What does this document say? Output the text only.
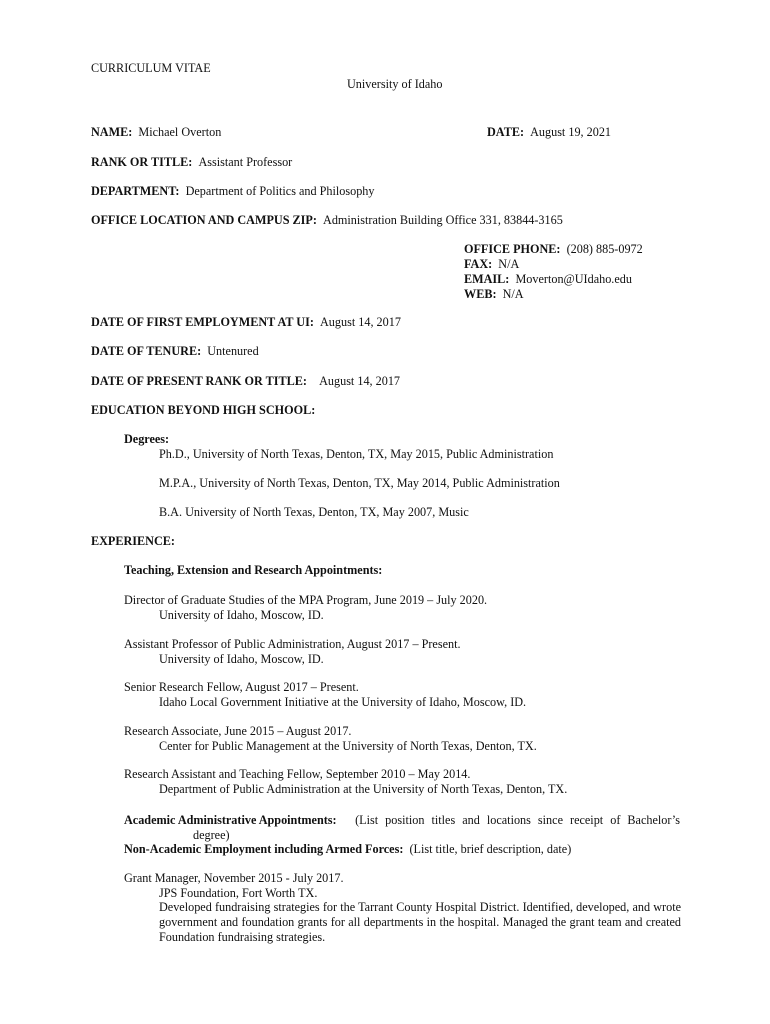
CURRICULUM VITAE
University of Idaho
NAME: Michael Overton	DATE: August 19, 2021
RANK OR TITLE: Assistant Professor
DEPARTMENT: Department of Politics and Philosophy
OFFICE LOCATION AND CAMPUS ZIP: Administration Building Office 331, 83844-3165
OFFICE PHONE: (208) 885-0972
FAX: N/A
EMAIL: Moverton@UIdaho.edu
WEB: N/A
DATE OF FIRST EMPLOYMENT AT UI: August 14, 2017
DATE OF TENURE: Untenured
DATE OF PRESENT RANK OR TITLE: August 14, 2017
EDUCATION BEYOND HIGH SCHOOL:
Degrees:
Ph.D., University of North Texas, Denton, TX, May 2015, Public Administration
M.P.A., University of North Texas, Denton, TX, May 2014, Public Administration
B.A. University of North Texas, Denton, TX, May 2007, Music
EXPERIENCE:
Teaching, Extension and Research Appointments:
Director of Graduate Studies of the MPA Program, June 2019 – July 2020.
University of Idaho, Moscow, ID.
Assistant Professor of Public Administration, August 2017 – Present.
University of Idaho, Moscow, ID.
Senior Research Fellow, August 2017 – Present.
Idaho Local Government Initiative at the University of Idaho, Moscow, ID.
Research Associate, June 2015 – August 2017.
Center for Public Management at the University of North Texas, Denton, TX.
Research Assistant and Teaching Fellow, September 2010 – May 2014.
Department of Public Administration at the University of North Texas, Denton, TX.
Academic Administrative Appointments: (List position titles and locations since receipt of Bachelor’s
degree)
Non-Academic Employment including Armed Forces: (List title, brief description, date)
Grant Manager, November 2015 - July 2017.
JPS Foundation, Fort Worth TX.
Developed fundraising strategies for the Tarrant County Hospital District. Identified, developed, and wrote government and foundation grants for all departments in the hospital. Managed the grant team and created Foundation fundraising strategies.
